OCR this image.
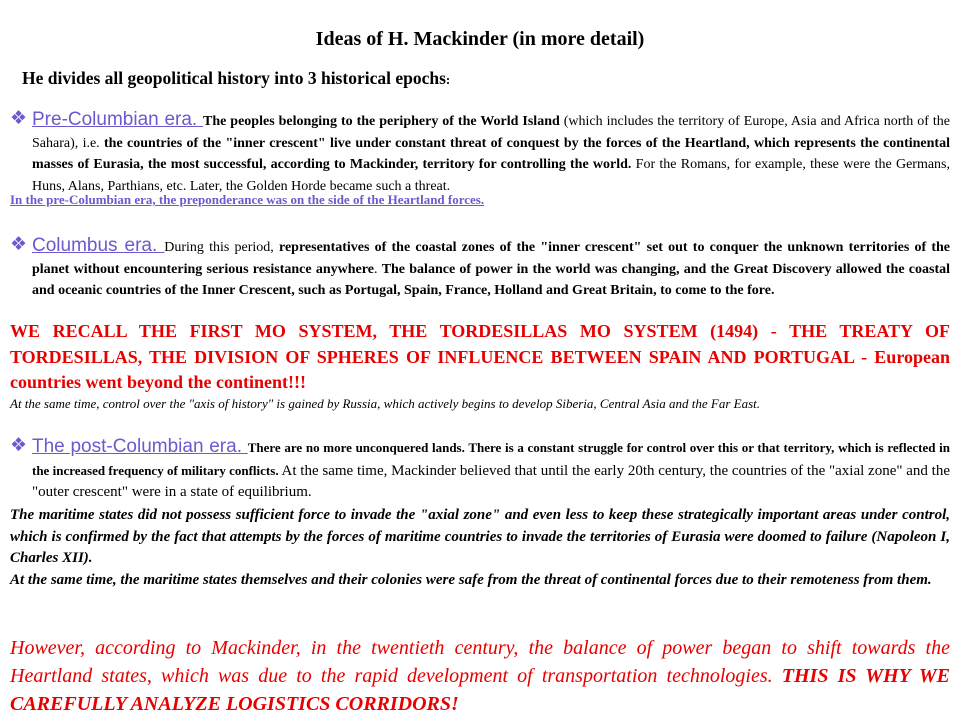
Ideas of H. Mackinder (in more detail)
He divides all geopolitical history into 3 historical epochs:
❖ Pre-Columbian era. The peoples belonging to the periphery of the World Island (which includes the territory of Europe, Asia and Africa north of the Sahara), i.e. the countries of the "inner crescent" live under constant threat of conquest by the forces of the Heartland, which represents the continental masses of Eurasia, the most successful, according to Mackinder, territory for controlling the world. For the Romans, for example, these were the Germans, Huns, Alans, Parthians, etc. Later, the Golden Horde became such a threat.
In the pre-Columbian era, the preponderance was on the side of the Heartland forces.
❖ Columbus era. During this period, representatives of the coastal zones of the "inner crescent" set out to conquer the unknown territories of the planet without encountering serious resistance anywhere. The balance of power in the world was changing, and the Great Discovery allowed the coastal and oceanic countries of the Inner Crescent, such as Portugal, Spain, France, Holland and Great Britain, to come to the fore.
WE RECALL THE FIRST MO SYSTEM, THE TORDESILLAS MO SYSTEM (1494) - THE TREATY OF TORDESILLAS, THE DIVISION OF SPHERES OF INFLUENCE BETWEEN SPAIN AND PORTUGAL - European countries went beyond the continent!!!
At the same time, control over the "axis of history" is gained by Russia, which actively begins to develop Siberia, Central Asia and the Far East.
❖ The post-Columbian era. There are no more unconquered lands. There is a constant struggle for control over this or that territory, which is reflected in the increased frequency of military conflicts. At the same time, Mackinder believed that until the early 20th century, the countries of the "axial zone" and the "outer crescent" were in a state of equilibrium.

The maritime states did not possess sufficient force to invade the "axial zone" and even less to keep these strategically important areas under control, which is confirmed by the fact that attempts by the forces of maritime countries to invade the territories of Eurasia were doomed to failure (Napoleon I, Charles XII).

At the same time, the maritime states themselves and their colonies were safe from the threat of continental forces due to their remoteness from them.

However, according to Mackinder, in the twentieth century, the balance of power began to shift towards the Heartland states, which was due to the rapid development of transportation technologies. THIS IS WHY WE CAREFULLY ANALYZE LOGISTICS CORRIDORS!
